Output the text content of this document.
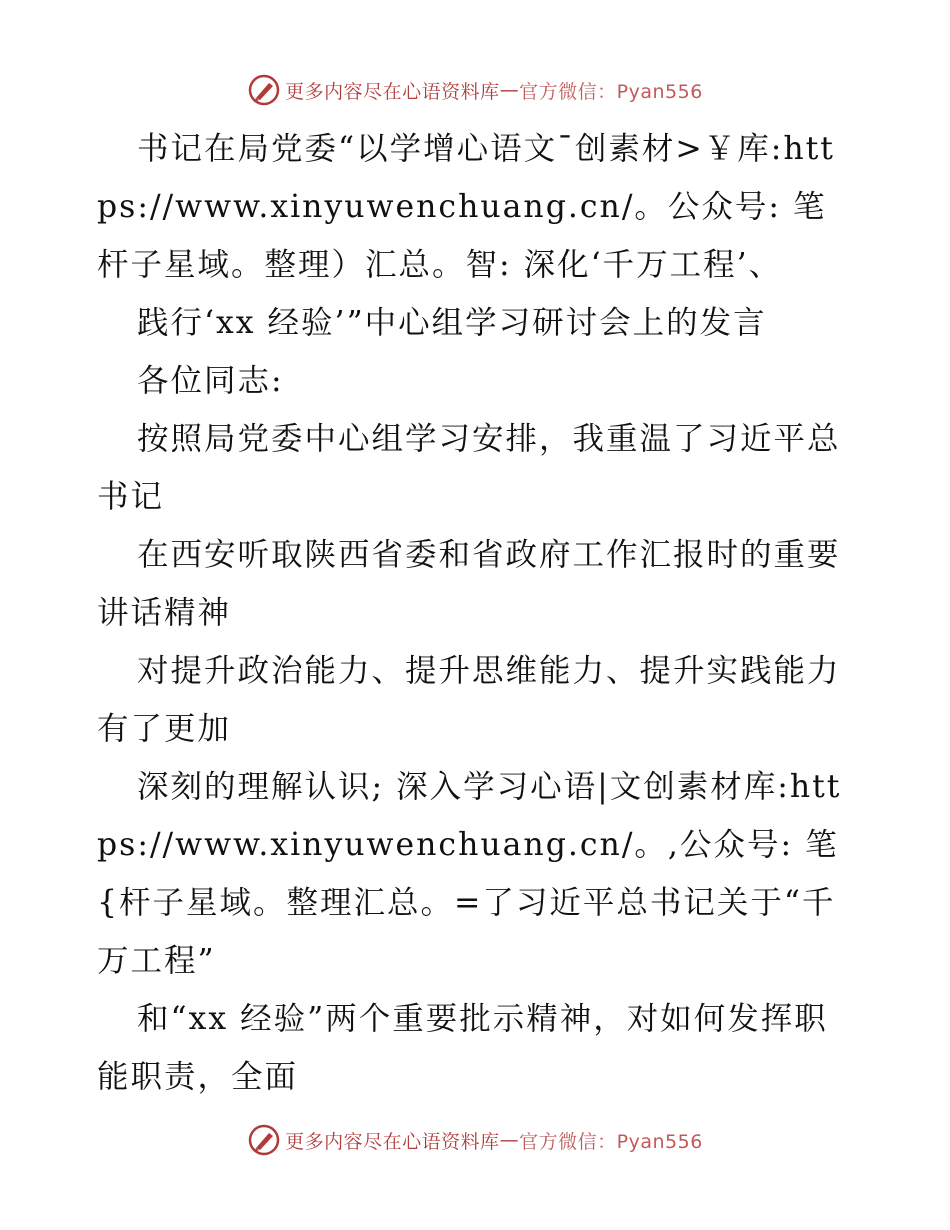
更多内容尽在心语资料库 — 官方微信：Pyan556

书记在局党委“以学增心语文¯创素材>￥库:https://www.xinyuwenchuang.cn/。公众号: 笔杆子星域。整理）汇总。智: 深化‘千万工程’、

践行‘xx 经验’”中心组学习研讨会上的发言

各位同志:

按照局党委中心组学习安排，我重温了习近平总书记

在西安听取陕西省委和省政府工作汇报时的重要讲话精神

对提升政治能力、提升思维能力、提升实践能力有了更加

深刻的理解认识; 深入学习心语|文创素材库:https://www.xinyuwenchuang.cn/。,公众号: 笔{杆子星域。整理汇总。=了习近平总书记关于“千万工程”

和“xx 经验”两个重要批示精神，对如何发挥职能职责，全面

更多内容尽在心语资料库 — 官方微信：Pyan556
